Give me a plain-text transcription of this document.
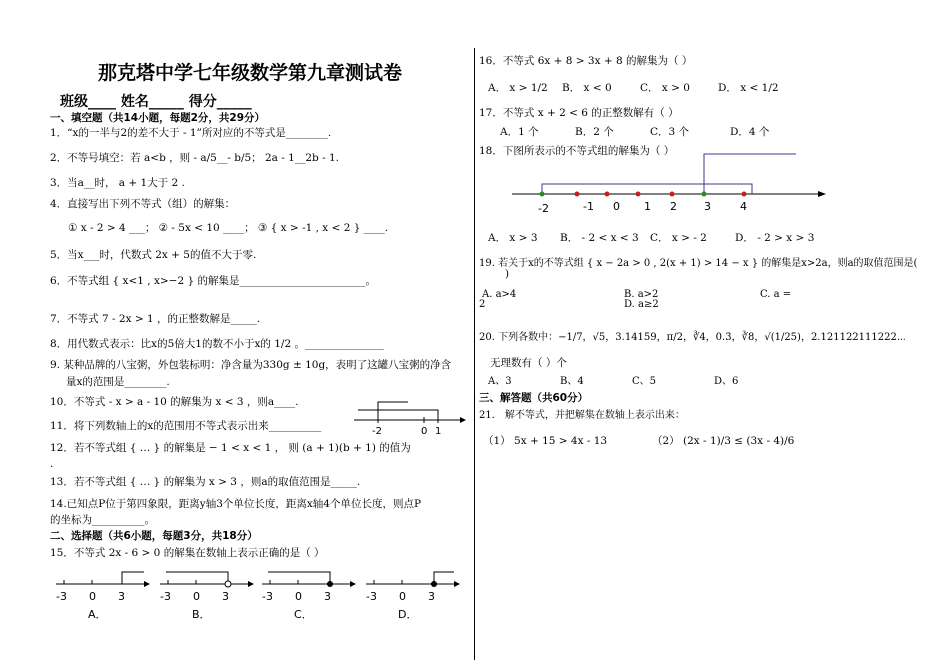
那克塔中学七年级数学第九章测试卷
班级____ 姓名_____ 得分_____
一、填空题（共14小题，每题2分，共29分）
1．“x的一半与2的差不大于 - 1”所对应的不等式是________.
2．不等号填空：若 a<b ，则 - a/5__- b/5； 2a - 1__2b - 1.
3．当a__时， a + 1大于 2 .
4．直接写出下列不等式（组）的解集：
① x - 2 > 4 ___； ② - 5x < 10 ____； ③ { x > -1 , x < 2 } ____.
5．当x___时，代数式 2x + 5的值不大于零.
6．不等式组 { x<1 , x>−2 } 的解集是________________________。
7．不等式 7 - 2x > 1 ，的正整数解是_____.
8．用代数式表示：比x的5倍大1的数不小于x的 1/2 。_______________
9. 某种品牌的八宝粥，外包装标明：净含量为330g ± 10g，表明了这罐八宝粥的净含
量x的范围是________.
10．不等式 - x > a - 10 的解集为 x < 3 ，则a____.
11．将下列数轴上的x的范围用不等式表示出来__________	-2	0 1
12．若不等式组 { … } 的解集是 − 1 < x < 1 ， 则 (a + 1)(b + 1) 的值为
.
13．若不等式组 { … } 的解集为 x > 3 ，则a的取值范围是_____.
14.已知点P位于第四象限，距离y轴3个单位长度，距离x轴4个单位长度，则点P
的坐标为__________。
二、选择题（共6小题，每题3分，共18分）
15．不等式 2x - 6 > 0 的解集在数轴上表示正确的是（ ）
-3 0 3
A．
-3 0 3
B．
-3 0 3
C．
-3 0 3
D．
16．不等式 6x + 8 > 3x + 8 的解集为（ ）
A． x > 1/2 B． x < 0	C． x > 0	D． x < 1/2
17．不等式 x + 2 < 6 的正整数解有（ ）
A．1 个	B．2 个	C．3 个	D．4 个
18．下图所表示的不等式组的解集为（ ）
-2	-1 0 1 2 3	4
A． x > 3 B． - 2 < x < 3 C． x > - 2	D． - 2 > x > 3
19. 若关于x的不等式组 { x − 2a > 0 , 2(x + 1) > 14 − x } 的解集是x>2a，则a的取值范围是(
)
A. a>4	B. a>2	C. a =
2	D. a≥2
20. 下列各数中：−1/7，√5，3.14159，π/2，∛4，0.3̇，∛8，√(1/25)，2.121122111222⋯
无理数有（ ）个
A、3	B、4	C、5	D、6
三、解答题（共60分）
21． 解不等式，并把解集在数轴上表示出来：
（1） 5x + 15 > 4x - 13	（2） (2x - 1)/3 ≤ (3x - 4)/6
